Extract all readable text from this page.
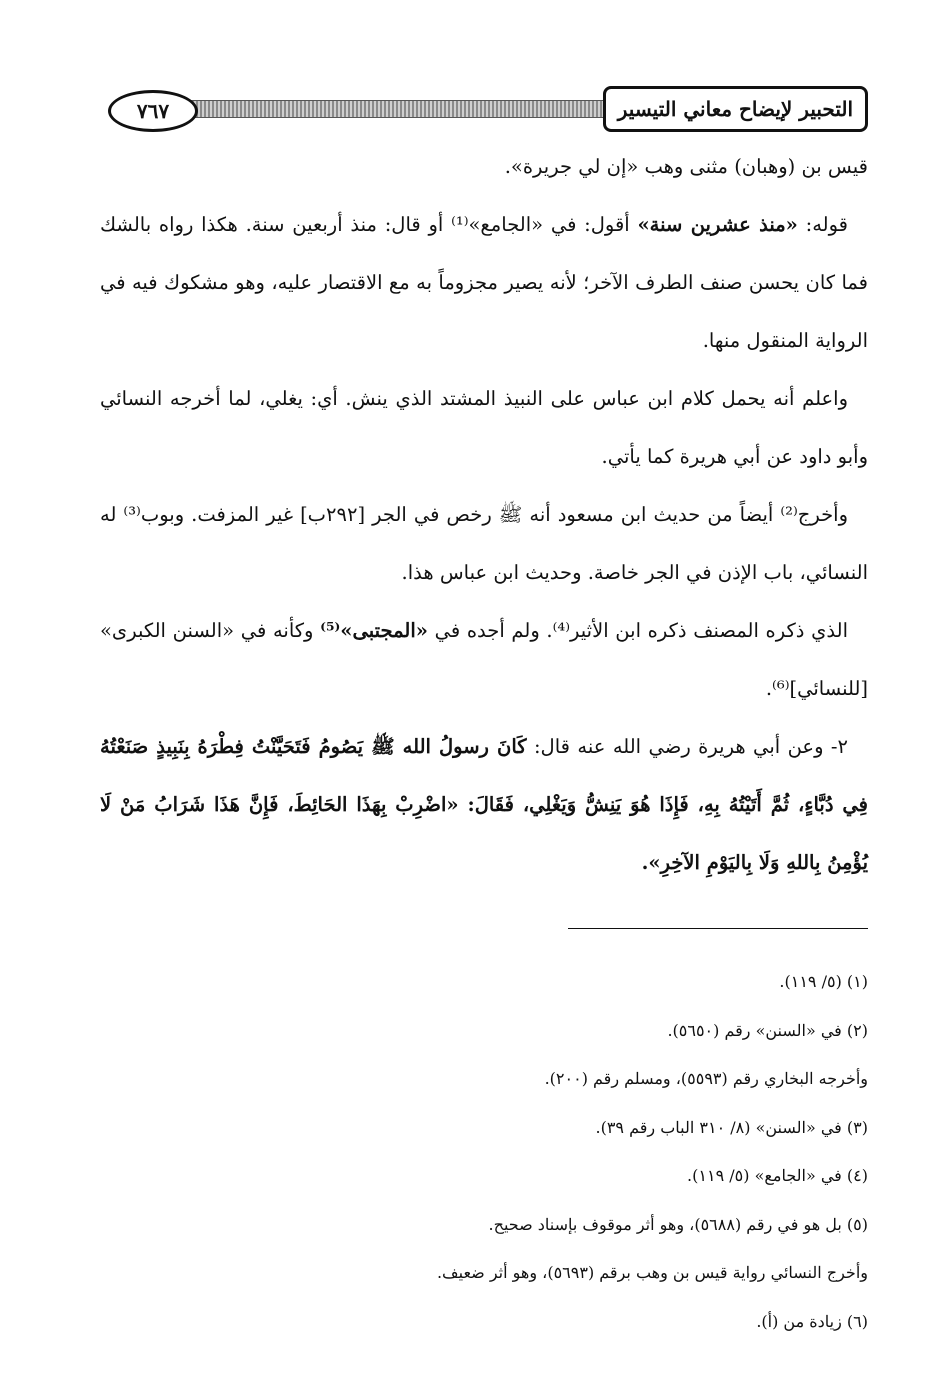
٧٦٧	التحبير لإيضاح معاني التيسير

قيس بن (وهبان) مثنى وهب «إن لي جريرة».

قوله: «منذ عشرين سنة» أقول: في «الجامع»⁽¹⁾ أو قال: منذ أربعين سنة. هكذا رواه بالشك فما كان يحسن صنف الطرف الآخر؛ لأنه يصير مجزوماً به مع الاقتصار عليه، وهو مشكوك فيه في الرواية المنقول منها.

واعلم أنه يحمل كلام ابن عباس على النبيذ المشتد الذي ينش. أي: يغلي، لما أخرجه النسائي وأبو داود عن أبي هريرة كما يأتي.

وأخرج⁽²⁾ أيضاً من حديث ابن مسعود أنه ﷺ رخص في الجر [٢٩٢ب] غير المزفت. وبوب⁽³⁾ له النسائي، باب الإذن في الجر خاصة. وحديث ابن عباس هذا.

الذي ذكره المصنف ذكره ابن الأثير⁽⁴⁾. ولم أجده في «المجتبى»⁽⁵⁾ وكأنه في «السنن الكبرى» [للنسائي]⁽⁶⁾.

٢- وعن أبي هريرة رضي الله عنه قال: كَانَ رسولُ الله ﷺ يَصُومُ فَتَحَيَّنْتُ فِطْرَهُ بِنَبِيذٍ صَنَعْتُهُ فِي دُبَّاءٍ، ثُمَّ أَتَيْتُهُ بِهِ، فَإِذَا هُوَ يَنِشُّ وَيَغْلِي، فَقَالَ: «اضْرِبْ بِهَذَا الحَائِطَ، فَإِنَّ هَذَا شَرَابُ مَنْ لَا يُؤْمِنُ بِاللهِ وَلَا بِاليَوْمِ الآخِرِ».

(١) (٥/ ١١٩).
(٢) في «السنن» رقم (٥٦٥٠).
وأخرجه البخاري رقم (٥٥٩٣)، ومسلم رقم (٢٠٠).
(٣) في «السنن» (٨/ ٣١٠ الباب رقم ٣٩).
(٤) في «الجامع» (٥/ ١١٩).
(٥) بل هو في رقم (٥٦٨٨)، وهو أثر موقوف بإسناد صحيح.
وأخرج النسائي رواية قيس بن وهب برقم (٥٦٩٣)، وهو أثر ضعيف.
(٦) زيادة من (أ).
